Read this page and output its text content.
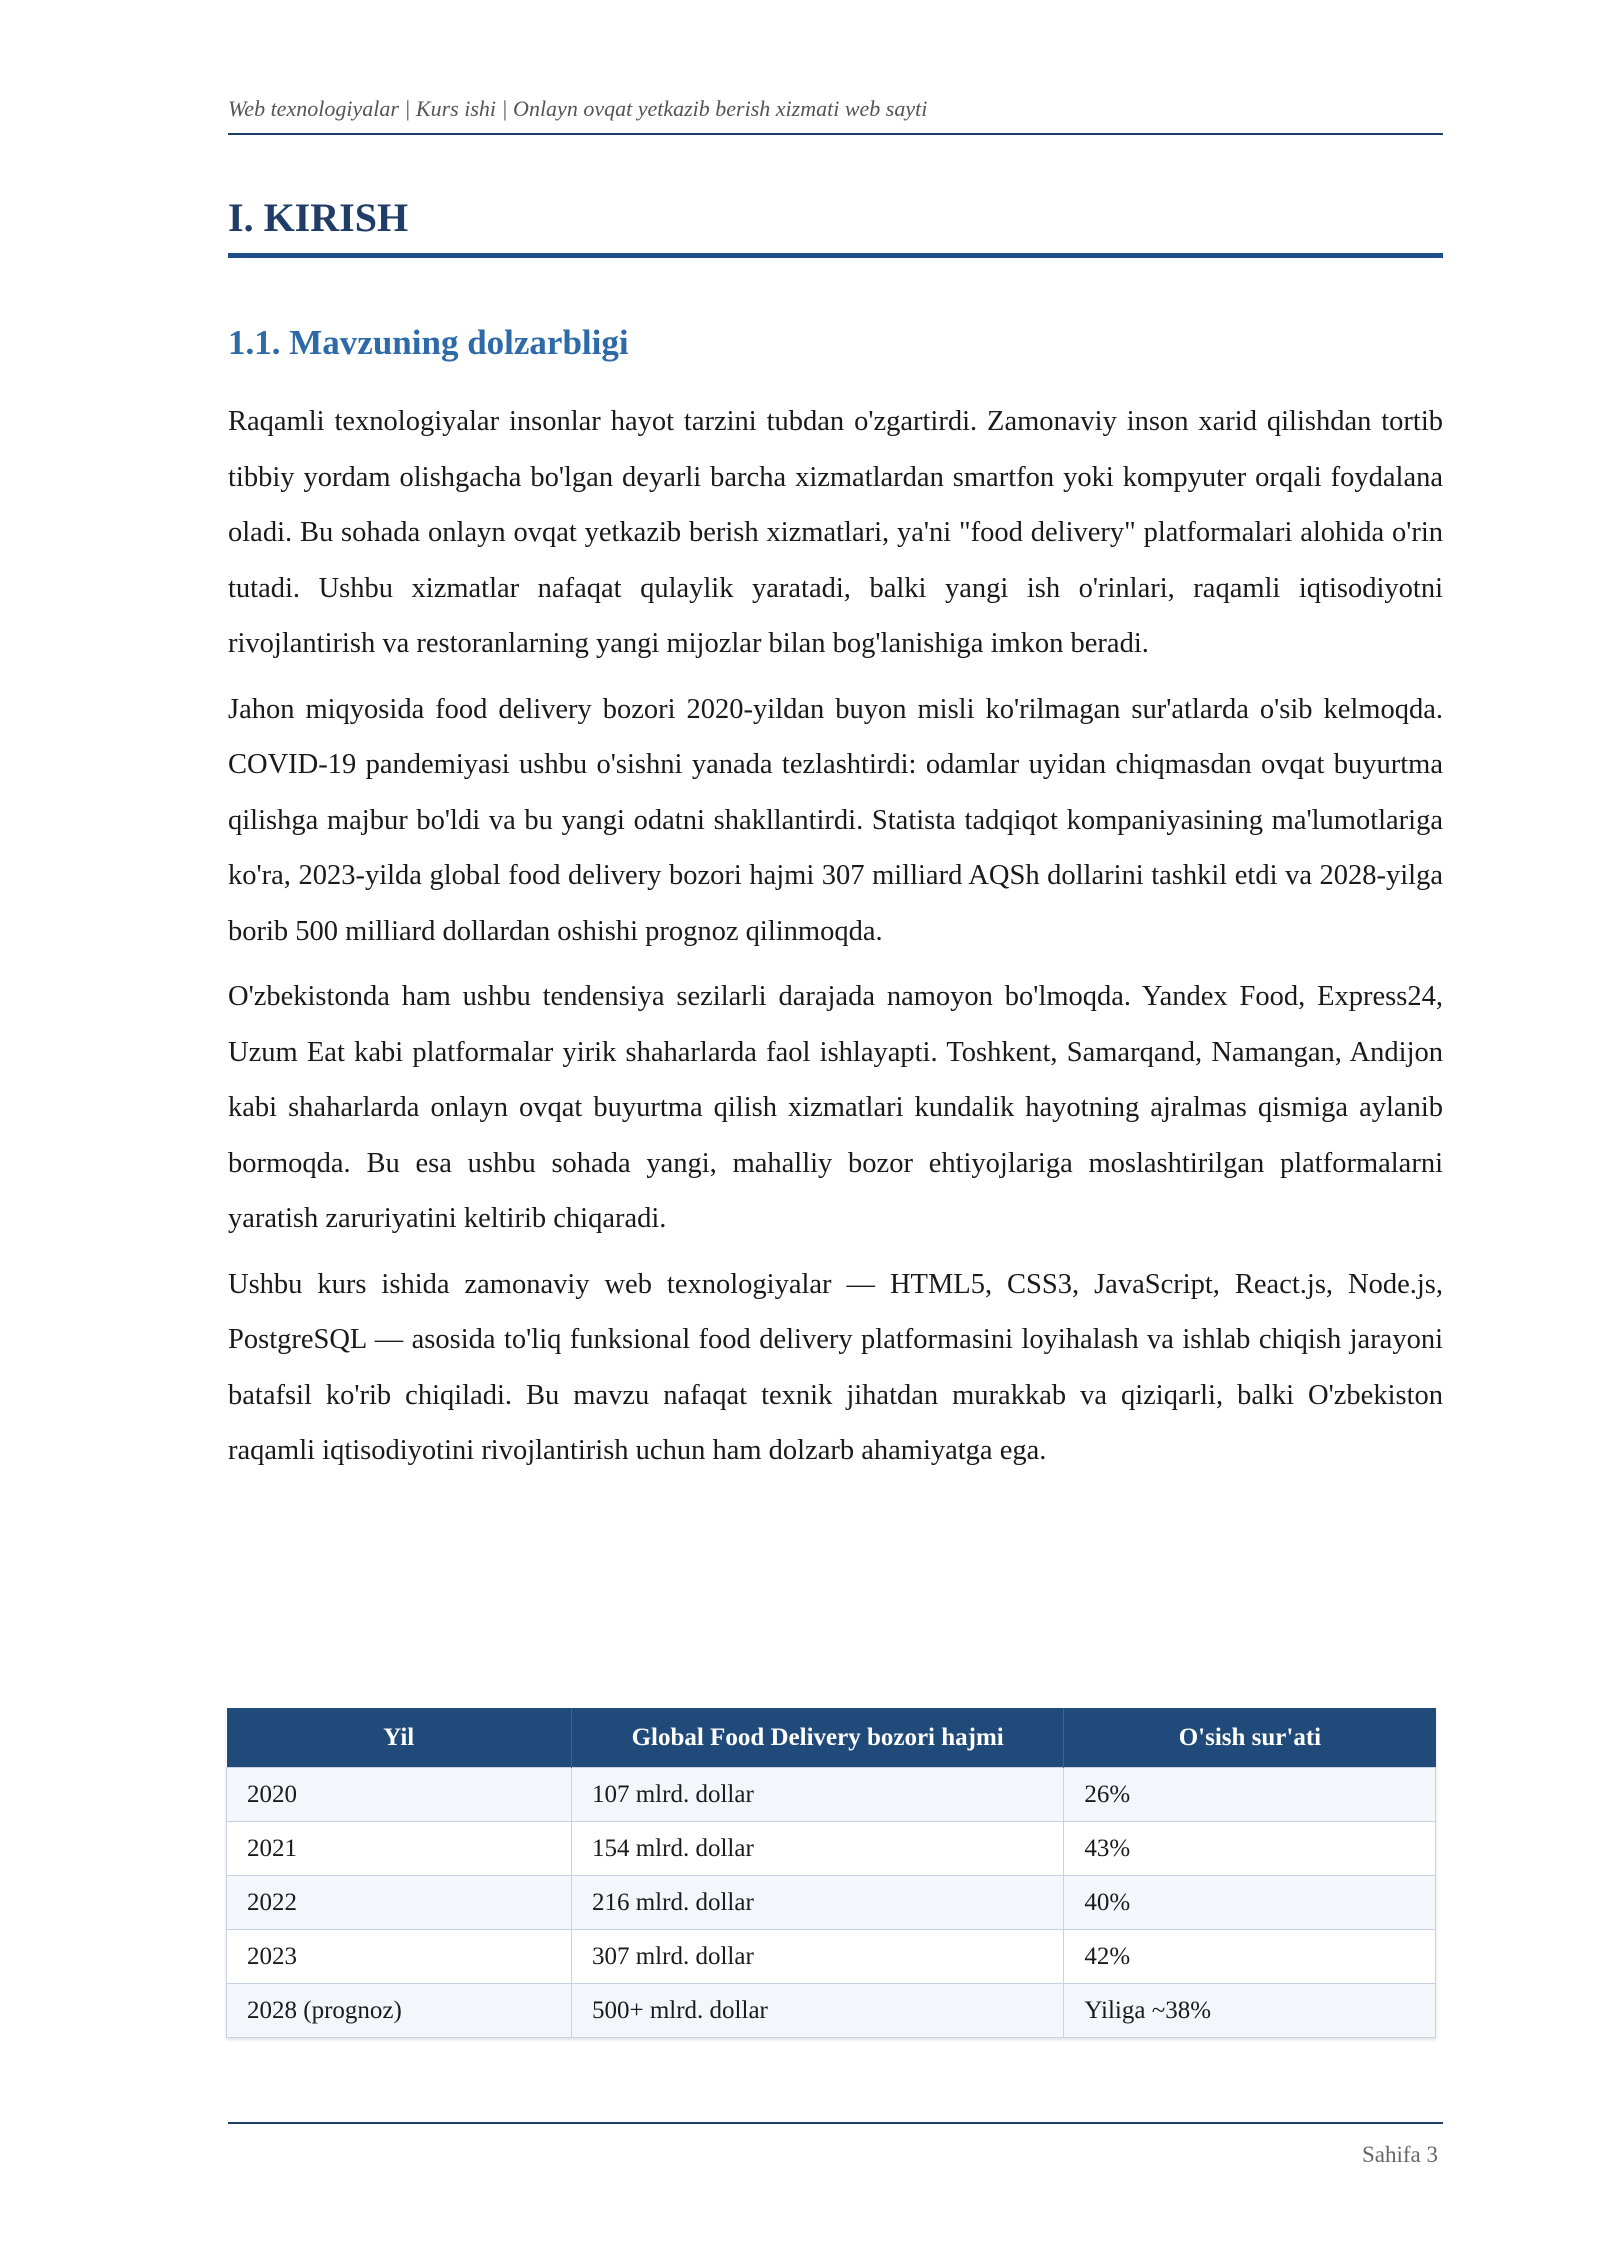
Web texnologiyalar | Kurs ishi | Onlayn ovqat yetkazib berish xizmati web sayti
I. KIRISH
1.1. Mavzuning dolzarbligi

Raqamli texnologiyalar insonlar hayot tarzini tubdan o'zgartirdi. Zamonaviy inson xarid qilishdan tortib tibbiy yordam olishgacha bo'lgan deyarli barcha xizmatlardan smartfon yoki kompyuter orqali foydalana oladi. Bu sohada onlayn ovqat yetkazib berish xizmatlari, ya'ni "food delivery" platformalari alohida o'rin tutadi. Ushbu xizmatlar nafaqat qulaylik yaratadi, balki yangi ish o'rinlari, raqamli iqtisodiyotni rivojlantirish va restoranlarning yangi mijozlar bilan bog'lanishiga imkon beradi.

Jahon miqyosida food delivery bozori 2020-yildan buyon misli ko'rilmagan sur'atlarda o'sib kelmoqda. COVID-19 pandemiyasi ushbu o'sishni yanada tezlashtirdi: odamlar uyidan chiqmasdan ovqat buyurtma qilishga majbur bo'ldi va bu yangi odatni shakllantirdi. Statista tadqiqot kompaniyasining ma'lumotlariga ko'ra, 2023-yilda global food delivery bozori hajmi 307 milliard AQSh dollarini tashkil etdi va 2028-yilga borib 500 milliard dollardan oshishi prognoz qilinmoqda.

O'zbekistonda ham ushbu tendensiya sezilarli darajada namoyon bo'lmoqda. Yandex Food, Express24, Uzum Eat kabi platformalar yirik shaharlarda faol ishlayapti. Toshkent, Samarqand, Namangan, Andijon kabi shaharlarda onlayn ovqat buyurtma qilish xizmatlari kundalik hayotning ajralmas qismiga aylanib bormoqda. Bu esa ushbu sohada yangi, mahalliy bozor ehtiyojlariga moslashtirilgan platformalarni yaratish zaruriyatini keltirib chiqaradi.

Ushbu kurs ishida zamonaviy web texnologiyalar — HTML5, CSS3, JavaScript, React.js, Node.js, PostgreSQL — asosida to'liq funksional food delivery platformasini loyihalash va ishlab chiqish jarayoni batafsil ko'rib chiqiladi. Bu mavzu nafaqat texnik jihatdan murakkab va qiziqarli, balki O'zbekiston raqamli iqtisodiyotini rivojlantirish uchun ham dolzarb ahamiyatga ega.

Yil	Global Food Delivery bozori hajmi	O'sish sur'ati
2020	107 mlrd. dollar	26%
2021	154 mlrd. dollar	43%
2022	216 mlrd. dollar	40%
2023	307 mlrd. dollar	42%
2028 (prognoz)	500+ mlrd. dollar	Yiliga ~38%
Sahifa 3
